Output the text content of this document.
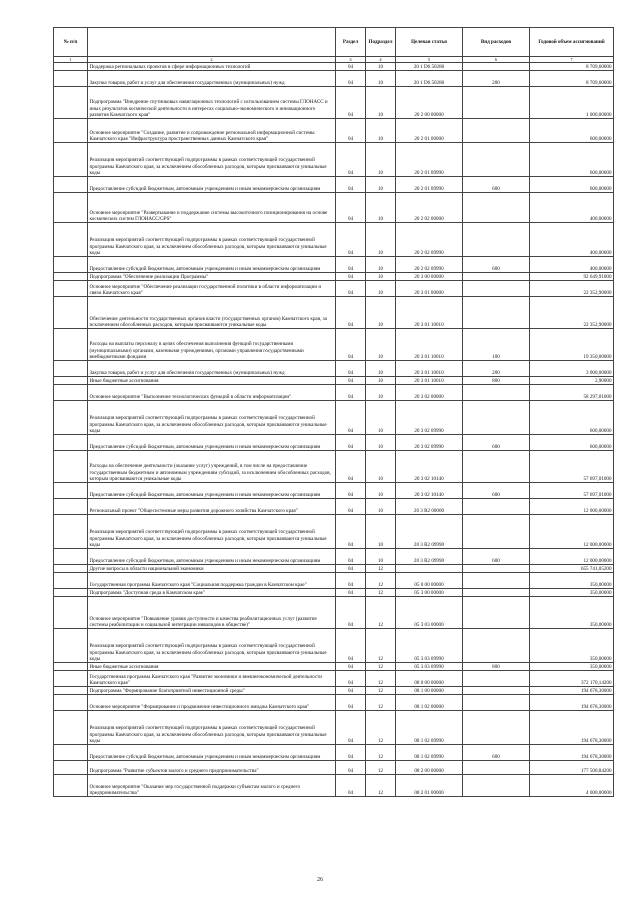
№ п/п		Раздел	Подраздел	Целевая статья	Вид расходов	Годовой объем ассигнований
1	2	3	4	5	6	7
	Поддержка региональных проектов в сфере информационных технологий	04	10	20 1 D6 50280		8 709,60000
	Закупка товаров, работ и услуг для обеспечения государственных (муниципальных) нужд	04	10	20 1 D6 50280	200	8 709,60000
	Подпрограмма "Внедрение спутниковых навигационных технологий с использованием системы ГЛОНАСС и иных результатов космической деятельности в интересах социально-экономического и инновационного развития Камчатского края"	04	10	20 2 00 00000		1 000,00000
	Основное мероприятие "Создание, развитие и сопровождение региональной информационной системы Камчатского края "Инфраструктура пространственных данных Камчатского края"	04	10	20 2 01 00000		600,00000
	Реализация мероприятий соответствующей подпрограммы в рамках соответствующей государственной программы Камчатского края, за исключением обособленных расходов, которым присваиваются уникальные коды	04	10	20 2 01 09990		600,00000
	Предоставление субсидий бюджетным, автономным учреждениям и иным некоммерческим организациям	04	10	20 2 01 09990	600	600,00000
	Основное мероприятие "Развертывание и поддержание системы высокоточного позиционирования на основе космических систем ГЛОНАСС/GPS"	04	10	20 2 02 00000		400,00000
	Реализация мероприятий соответствующей подпрограммы в рамках соответствующей государственной программы Камчатского края, за исключением обособленных расходов, которым присваиваются уникальные коды	04	10	20 2 02 09990		400,00000
	Предоставление субсидий бюджетным, автономным учреждениям и иным некоммерческим организациям	04	10	20 2 02 09990	600	400,00000
	Подпрограмма "Обеспечение реализации Программы"	04	10	20 3 00 00000		92 649,91000
	Основное мероприятие "Обеспечение реализации государственной политики в области информатизации и связи Камчатского края"	04	10	20 3 01 00000		22 352,90000
	Обеспечение деятельности государственных органов власти (государственных органов) Камчатского края, за исключением обособленных расходов, которым присваиваются уникальные коды	04	10	20 3 01 10010		22 352,90000
	Расходы на выплаты персоналу в целях обеспечения выполнения функций государственными (муниципальными) органами, казенными учреждениями, органами управления государственными внебюджетными фондами	04	10	20 3 01 10010	100	19 350,00000
	Закупка товаров, работ и услуг для обеспечения государственных (муниципальных) нужд	04	10	20 3 01 10010	200	3 000,00000
	Иные бюджетные ассигнования	04	10	20 3 01 10010	800	2,90000
	Основное мероприятие "Выполнение технологических функций в области информатизации"	04	10	20 3 02 00000		58 297,01000
	Реализация мероприятий соответствующей подпрограммы в рамках соответствующей государственной программы Камчатского края, за исключением обособленных расходов, которым присваиваются уникальные коды	04	10	20 3 02 09990		600,00000
	Предоставление субсидий бюджетным, автономным учреждениям и иным некоммерческим организациям	04	10	20 3 02 09990	600	600,00000
	Расходы на обеспечение деятельности (оказание услуг) учреждений, в том числе на предоставление государственным бюджетным и автономным учреждениям субсидий, за исключением обособленных расходов, которым присваиваются уникальные коды	04	10	20 3 02 10140		57 697,01000
	Предоставление субсидий бюджетным, автономным учреждениям и иным некоммерческим организациям	04	10	20 3 02 10140	600	57 697,01000
	Региональный проект "Общесистемные меры развития дорожного хозяйства Камчатского края"	04	10	20 3 R2 00000		12 000,00000
	Реализация мероприятий соответствующей подпрограммы в рамках соответствующей государственной программы Камчатского края, за исключением обособленных расходов, которым присваиваются уникальные коды	04	10	20 3 R2 09990		12 000,00000
	Предоставление субсидий бюджетным, автономным учреждениям и иным некоммерческим организациям	04	10	20 3 R2 09990	600	12 000,00000
	Другие вопросы в области национальной экономики	04	12			655 741,05200
	Государственная программа Камчатского края "Социальная поддержка граждан в Камчатском крае"	04	12	05 0 00 00000		350,00000
	Подпрограмма "Доступная среда в Камчатском крае"	04	12	05 3 00 00000		350,00000
	Основное мероприятие "Повышение уровня доступности и качества реабилитационных услуг (развитие системы реабилитации и социальной интеграции инвалидов в обществе)"	04	12	05 3 03 00000		350,00000
	Реализация мероприятий соответствующей подпрограммы в рамках соответствующей государственной программы Камчатского края, за исключением обособленных расходов, которым присваиваются уникальные коды	04	12	05 3 03 09990		350,00000
	Иные бюджетные ассигнования	04	12	05 3 03 09990	800	350,00000
	Государственная программа Камчатского края "Развитие экономики и внешнеэкономической деятельности Камчатского края"	04	12	08 0 00 00000		372 170,14200
	Подпрограмма "Формирование благоприятной инвестиционной среды"	04	12	08 1 00 00000		194 678,30000
	Основное мероприятие "Формирование и продвижение инвестиционного имиджа Камчатского края"	04	12	08 1 02 00000		194 678,30000
	Реализация мероприятий соответствующей подпрограммы в рамках соответствующей государственной программы Камчатского края, за исключением обособленных расходов, которым присваиваются уникальные коды	04	12	08 1 02 09990		194 678,30000
	Предоставление субсидий бюджетным, автономным учреждениям и иным некоммерческим организациям	04	12	08 1 02 09990	600	194 678,30000
	Подпрограмма "Развитие субъектов малого и среднего предпринимательства"	04	12	08 2 00 00000		177 500,84200
	Основное мероприятие "Оказание мер государственной поддержки субъектам малого и среднего предпринимательства"	04	12	08 2 01 00000		4 000,00000
26
